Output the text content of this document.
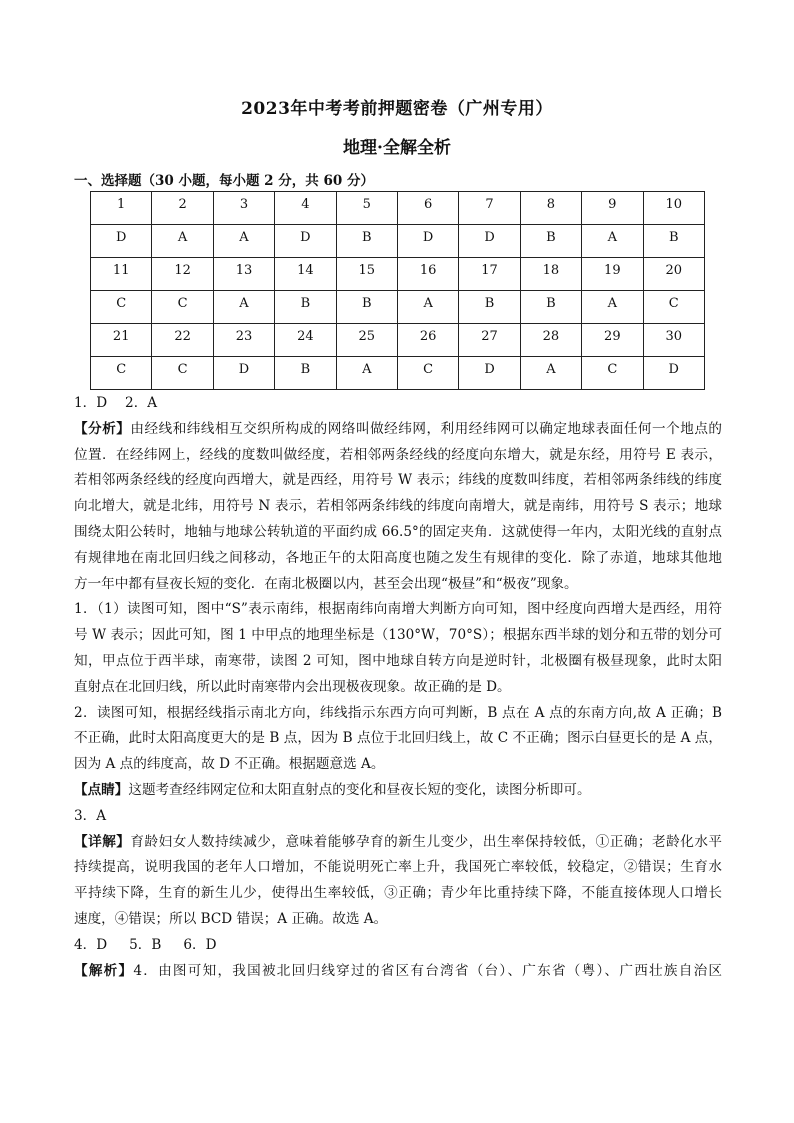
2023年中考考前押题密卷（广州专用）
地理·全解全析
一、选择题（30 小题，每小题 2 分，共 60 分）
1	2	3	4	5	6	7	8	9	10
D	A	A	D	B	D	D	B	A	B
11	12	13	14	15	16	17	18	19	20
C	C	A	B	B	A	B	B	A	C
21	22	23	24	25	26	27	28	29	30
C	C	D	B	A	C	D	A	C	D
1．D　 2．A
【分析】由经线和纬线相互交织所构成的网络叫做经纬网，利用经纬网可以确定地球表面任何一个地点的
位置．在经纬网上，经线的度数叫做经度，若相邻两条经线的经度向东增大，就是东经，用符号 E 表示，
若相邻两条经线的经度向西增大，就是西经，用符号 W 表示；纬线的度数叫纬度，若相邻两条纬线的纬度
向北增大，就是北纬，用符号 N 表示，若相邻两条纬线的纬度向南增大，就是南纬，用符号 S 表示；地球
围绕太阳公转时，地轴与地球公转轨道的平面约成 66.5°的固定夹角．这就使得一年内，太阳光线的直射点
有规律地在南北回归线之间移动，各地正午的太阳高度也随之发生有规律的变化．除了赤道，地球其他地
方一年中都有昼夜长短的变化．在南北极圈以内，甚至会出现“极昼”和“极夜”现象。
1．（1）读图可知，图中“S”表示南纬，根据南纬向南增大判断方向可知，图中经度向西增大是西经，用符
号 W 表示；因此可知，图 1 中甲点的地理坐标是（130°W，70°S）；根据东西半球的划分和五带的划分可
知，甲点位于西半球，南寒带，读图 2 可知，图中地球自转方向是逆时针，北极圈有极昼现象，此时太阳
直射点在北回归线，所以此时南寒带内会出现极夜现象。故正确的是 D。
2．读图可知，根据经线指示南北方向，纬线指示东西方向可判断，B 点在 A 点的东南方向,故 A 正确；B
不正确，此时太阳高度更大的是 B 点，因为 B 点位于北回归线上，故 C 不正确；图示白昼更长的是 A 点，
因为 A 点的纬度高，故 D 不正确。根据题意选 A。
【点睛】这题考查经纬网定位和太阳直射点的变化和昼夜长短的变化，读图分析即可。
3．A
【详解】育龄妇女人数持续减少，意味着能够孕育的新生儿变少，出生率保持较低，①正确；老龄化水平
持续提高，说明我国的老年人口增加，不能说明死亡率上升，我国死亡率较低，较稳定，②错误；生育水
平持续下降，生育的新生儿少，使得出生率较低，③正确；青少年比重持续下降，不能直接体现人口增长
速度，④错误；所以 BCD 错误；A 正确。故选 A。
4．D 5．B 6．D
【解析】4．由图可知，我国被北回归线穿过的省区有台湾省（台）、广东省（粤）、广西壮族自治区
